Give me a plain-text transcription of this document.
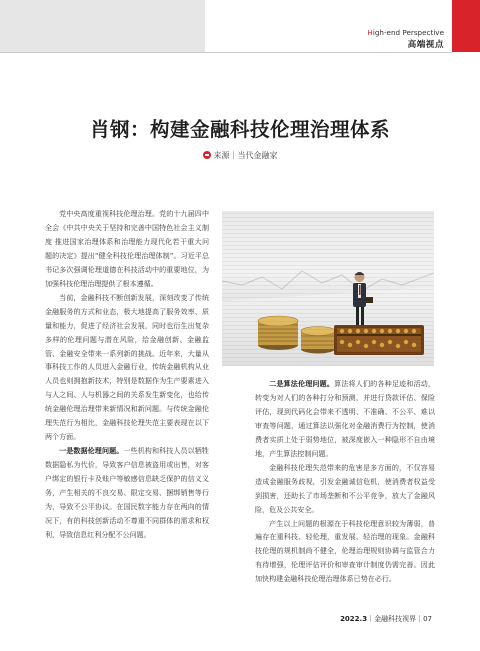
High-end Perspective
高端视点
肖钢：构建金融科技伦理治理体系
来源｜当代金融家

党中央高度重视科技伦理治理。党的十九届四中全会《中共中央关于坚持和完善中国特色社会主义制度 推进国家治理体系和治理能力现代化若干重大问题的决定》提出“健全科技伦理治理体制”。习近平总书记多次强调伦理道德在科技活动中的重要地位，为加强科技伦理治理提供了根本遵循。

当前，金融科技不断创新发展，深刻改变了传统金融服务的方式和业态，极大地提高了服务效率、质量和能力，促进了经济社会发展，同时也衍生出复杂多样的伦理问题与潜在风险，给金融创新、金融监管、金融安全带来一系列新的挑战。近年来，大量从事科技工作的人员进入金融行业，传统金融机构从业人员也则拥抱新技术，特别是数据作为生产要素进入与人之间、人与机器之间的关系发生新变化，也给传统金融伦理治理带来新情况和新问题。与传统金融伦理失范行为相比，金融科技伦理失范主要表现在以下两个方面。

一是数据伦理问题。一些机构和科技人员以牺牲数据隐私为代价，导致客户信息被盗用或出售，对客户绑定的银行卡及账户等敏感信息缺乏保护的信义义务，产生相关的不良交易、限定交易、捆绑销售等行为，导致不公平协议。在国民数字能力存在两向的情况下，有的科技创新活动不尊重不同群体的需求和权利，导致信息红利分配不公问题。

二是算法伦理问题。算法将人们的各种足迹和活动，转变为对人们的各种打分和预测，并进行贷款评估、保险评估，现到代码化会带来不透明、不准确、不公平、难以审查等问题，通过算法以强化对金融消费行为控制，使消费者实质上处于弱势地位，被深度嵌入一种隐形不自由境地，产生算法控制问题。

金融科技伦理失范带来的危害是多方面的，不仅容易造成金融服务歧视，引发金融诚信危机，使消费者权益受到损害，还助长了市场垄断和不公平竞争，放大了金融风险，危及公共安全。

产生以上问题的根源在于科技伦理意识较为薄弱，普遍存在重科技、轻伦理，重发展、轻治理的现象。金融科技伦理的规机制尚不健全，伦理治理规则协调与监管合力有待增强，伦理评估评价和审查审计制度仍需完善。因此加快构建金融科技伦理治理体系已势在必行。

2022.3｜金融科技视界｜07
